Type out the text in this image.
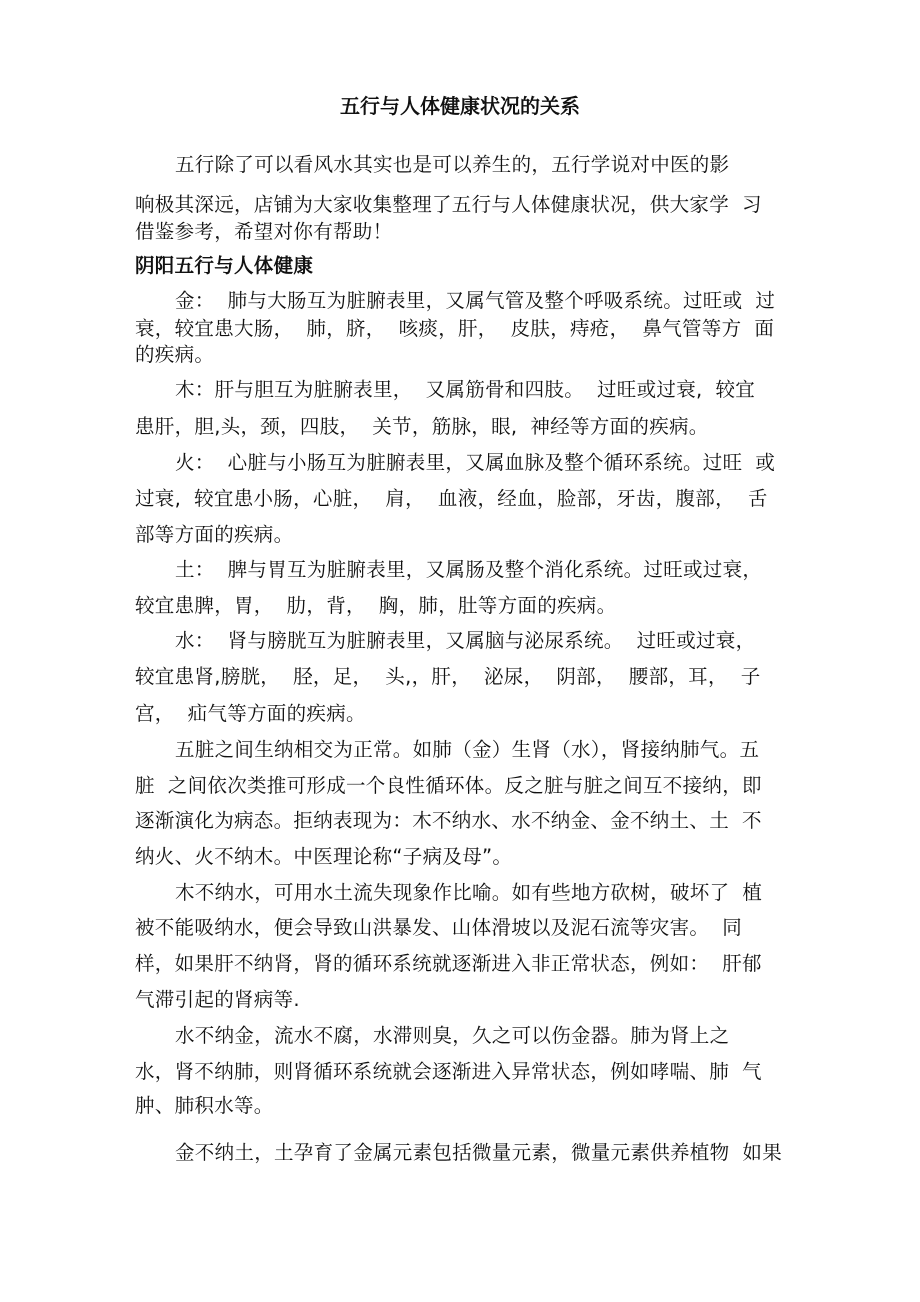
五行与人体健康状况的关系
阴阳五行与人体健康
五行除了可以看风水其实也是可以养生的，五行学说对中医的影
响极其深远，店铺为大家收集整理了五行与人体健康状况，供大家学  习
借鉴参考，希望对你有帮助！
金：  肺与大肠互为脏腑表里，又属气管及整个呼吸系统。过旺或  过
衰，较宜患大肠，  肺，脐，  咳痰，肝，  皮肤，痔疮，  鼻气管等方  面
的疾病。
木：肝与胆互为脏腑表里，  又属筋骨和四肢。  过旺或过衰,  较宜
患肝，胆,头，颈，四肢，  关节，筋脉，眼,  神经等方面的疾病。
火：  心脏与小肠互为脏腑表里，又属血脉及整个循环系统。过旺  或
过衰,  较宜患小肠，心脏，  肩，  血液，经血，脸部，牙齿，腹部，  舌
部等方面的疾病。
土：  脾与胃互为脏腑表里，又属肠及整个消化系统。过旺或过衰，
较宜患脾，胃，  肋，背，  胸，肺，肚等方面的疾病。
水：  肾与膀胱互为脏腑表里，又属脑与泌尿系统。  过旺或过衰，
较宜患肾,膀胱，  胫，足，  头,，肝，  泌尿，  阴部，  腰部，耳，  子
宫，  疝气等方面的疾病。
五脏之间生纳相交为正常。如肺（金）生肾（水），肾接纳肺气。五
脏  之间依次类推可形成一个良性循环体。反之脏与脏之间互不接纳，即
逐渐演化为病态。拒纳表现为：木不纳水、水不纳金、金不纳土、土  不
纳火、火不纳木。中医理论称“子病及母”。
木不纳水，可用水土流失现象作比喻。如有些地方砍树，破坏了  植
被不能吸纳水，便会导致山洪暴发、山体滑坡以及泥石流等灾害。  同
样，如果肝不纳肾，肾的循环系统就逐渐进入非正常状态，例如：  肝郁
气滞引起的肾病等.
水不纳金，流水不腐，水滞则臭，久之可以伤金器。肺为肾上之
水，肾不纳肺，则肾循环系统就会逐渐进入异常状态，例如哮喘、肺  气
肿、肺积水等。
金不纳土，土孕育了金属元素包括微量元素，微量元素供养植物  如果
